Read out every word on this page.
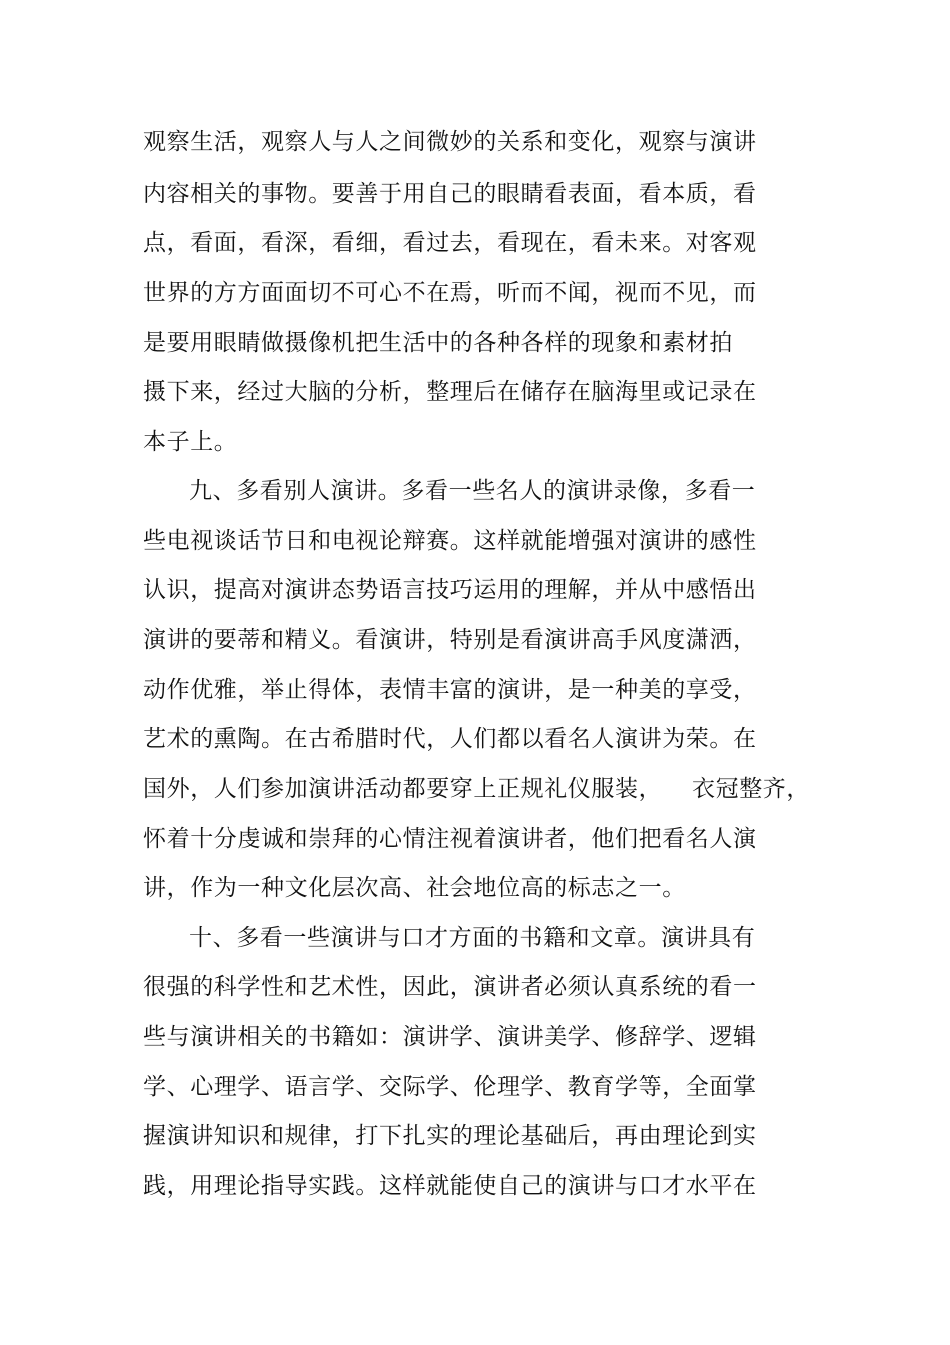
观察生活，观察人与人之间微妙的关系和变化，观察与演讲
内容相关的事物。要善于用自己的眼睛看表面，看本质，看
点，看面，看深，看细，看过去，看现在，看未来。对客观
世界的方方面面切不可心不在焉，听而不闻，视而不见，而
是要用眼睛做摄像机把生活中的各种各样的现象和素材拍
摄下来，经过大脑的分析，整理后在储存在脑海里或记录在
本子上。
九、多看别人演讲。多看一些名人的演讲录像，多看一
些电视谈话节日和电视论辩赛。这样就能增强对演讲的感性
认识，提高对演讲态势语言技巧运用的理解，并从中感悟出
演讲的要蒂和精义。看演讲，特别是看演讲高手风度潇洒，
动作优雅，举止得体，表情丰富的演讲，是一种美的享受，
艺术的熏陶。在古希腊时代，人们都以看名人演讲为荣。在
国外，人们参加演讲活动都要穿上正规礼仪服装， 衣冠整齐，
怀着十分虔诚和崇拜的心情注视着演讲者，他们把看名人演
讲，作为一种文化层次高、社会地位高的标志之一。
十、多看一些演讲与口才方面的书籍和文章。演讲具有
很强的科学性和艺术性，因此，演讲者必须认真系统的看一
些与演讲相关的书籍如：演讲学、演讲美学、修辞学、逻辑
学、心理学、语言学、交际学、伦理学、教育学等，全面掌
握演讲知识和规律，打下扎实的理论基础后，再由理论到实
践，用理论指导实践。这样就能使自己的演讲与口才水平在
